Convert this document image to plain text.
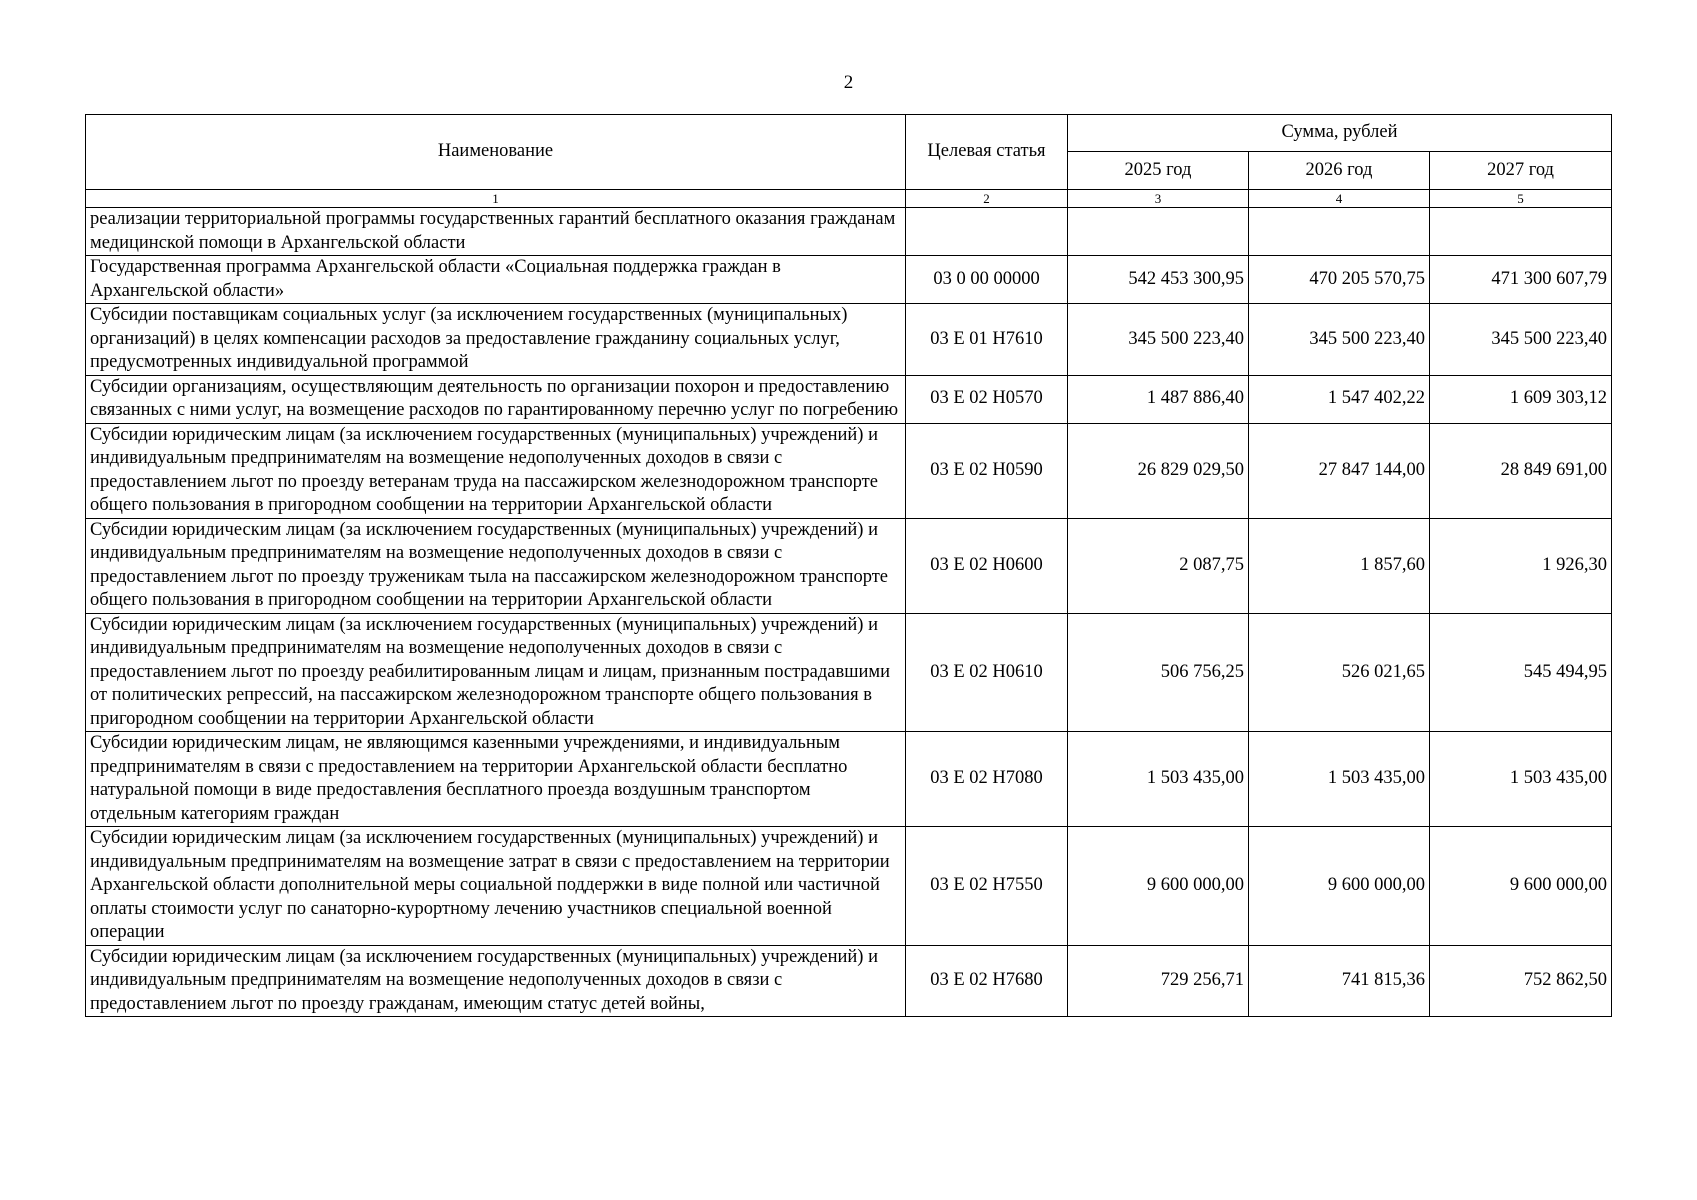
2
Наименование	Целевая статья	Сумма, рублей		
		2025 год	2026 год	2027 год
1	2	3	4	5
реализации территориальной программы государственных гарантий бесплатного оказания гражданам медицинской помощи в Архангельской области				
Государственная программа Архангельской области «Социальная поддержка граждан в Архангельской области»	03 0 00 00000	542 453 300,95	470 205 570,75	471 300 607,79
Субсидии поставщикам социальных услуг (за исключением государственных (муниципальных) организаций) в целях компенсации расходов за предоставление гражданину социальных услуг, предусмотренных индивидуальной программой	03 Е 01 Н7610	345 500 223,40	345 500 223,40	345 500 223,40
Субсидии организациям, осуществляющим деятельность по организации похорон и предоставлению связанных с ними услуг, на возмещение расходов по гарантированному перечню услуг по погребению	03 Е 02 Н0570	1 487 886,40	1 547 402,22	1 609 303,12
Субсидии юридическим лицам (за исключением государственных (муниципальных) учреждений) и индивидуальным предпринимателям на возмещение недополученных доходов в связи с предоставлением льгот по проезду ветеранам труда на пассажирском железнодорожном транспорте общего пользования в пригородном сообщении на территории Архангельской области	03 Е 02 Н0590	26 829 029,50	27 847 144,00	28 849 691,00
Субсидии юридическим лицам (за исключением государственных (муниципальных) учреждений) и индивидуальным предпринимателям на возмещение недополученных доходов в связи с предоставлением льгот по проезду труженикам тыла на пассажирском железнодорожном транспорте общего пользования в пригородном сообщении на территории Архангельской области	03 Е 02 Н0600	2 087,75	1 857,60	1 926,30
Субсидии юридическим лицам (за исключением государственных (муниципальных) учреждений) и индивидуальным предпринимателям на возмещение недополученных доходов в связи с предоставлением льгот по проезду реабилитированным лицам и лицам, признанным пострадавшими от политических репрессий, на пассажирском железнодорожном транспорте общего пользования в пригородном сообщении на территории Архангельской области	03 Е 02 Н0610	506 756,25	526 021,65	545 494,95
Субсидии юридическим лицам, не являющимся казенными учреждениями, и индивидуальным предпринимателям в связи с предоставлением на территории Архангельской области бесплатно натуральной помощи в виде предоставления бесплатного проезда воздушным транспортом отдельным категориям граждан	03 Е 02 Н7080	1 503 435,00	1 503 435,00	1 503 435,00
Субсидии юридическим лицам (за исключением государственных (муниципальных) учреждений) и индивидуальным предпринимателям на возмещение затрат в связи с предоставлением на территории Архангельской области дополнительной меры социальной поддержки в виде полной или частичной оплаты стоимости услуг по санаторно-курортному лечению участников специальной военной операции	03 Е 02 Н7550	9 600 000,00	9 600 000,00	9 600 000,00
Субсидии юридическим лицам (за исключением государственных (муниципальных) учреждений) и индивидуальным предпринимателям на возмещение недополученных доходов в связи с предоставлением льгот по проезду гражданам, имеющим статус детей войны,	03 Е 02 Н7680	729 256,71	741 815,36	752 862,50
